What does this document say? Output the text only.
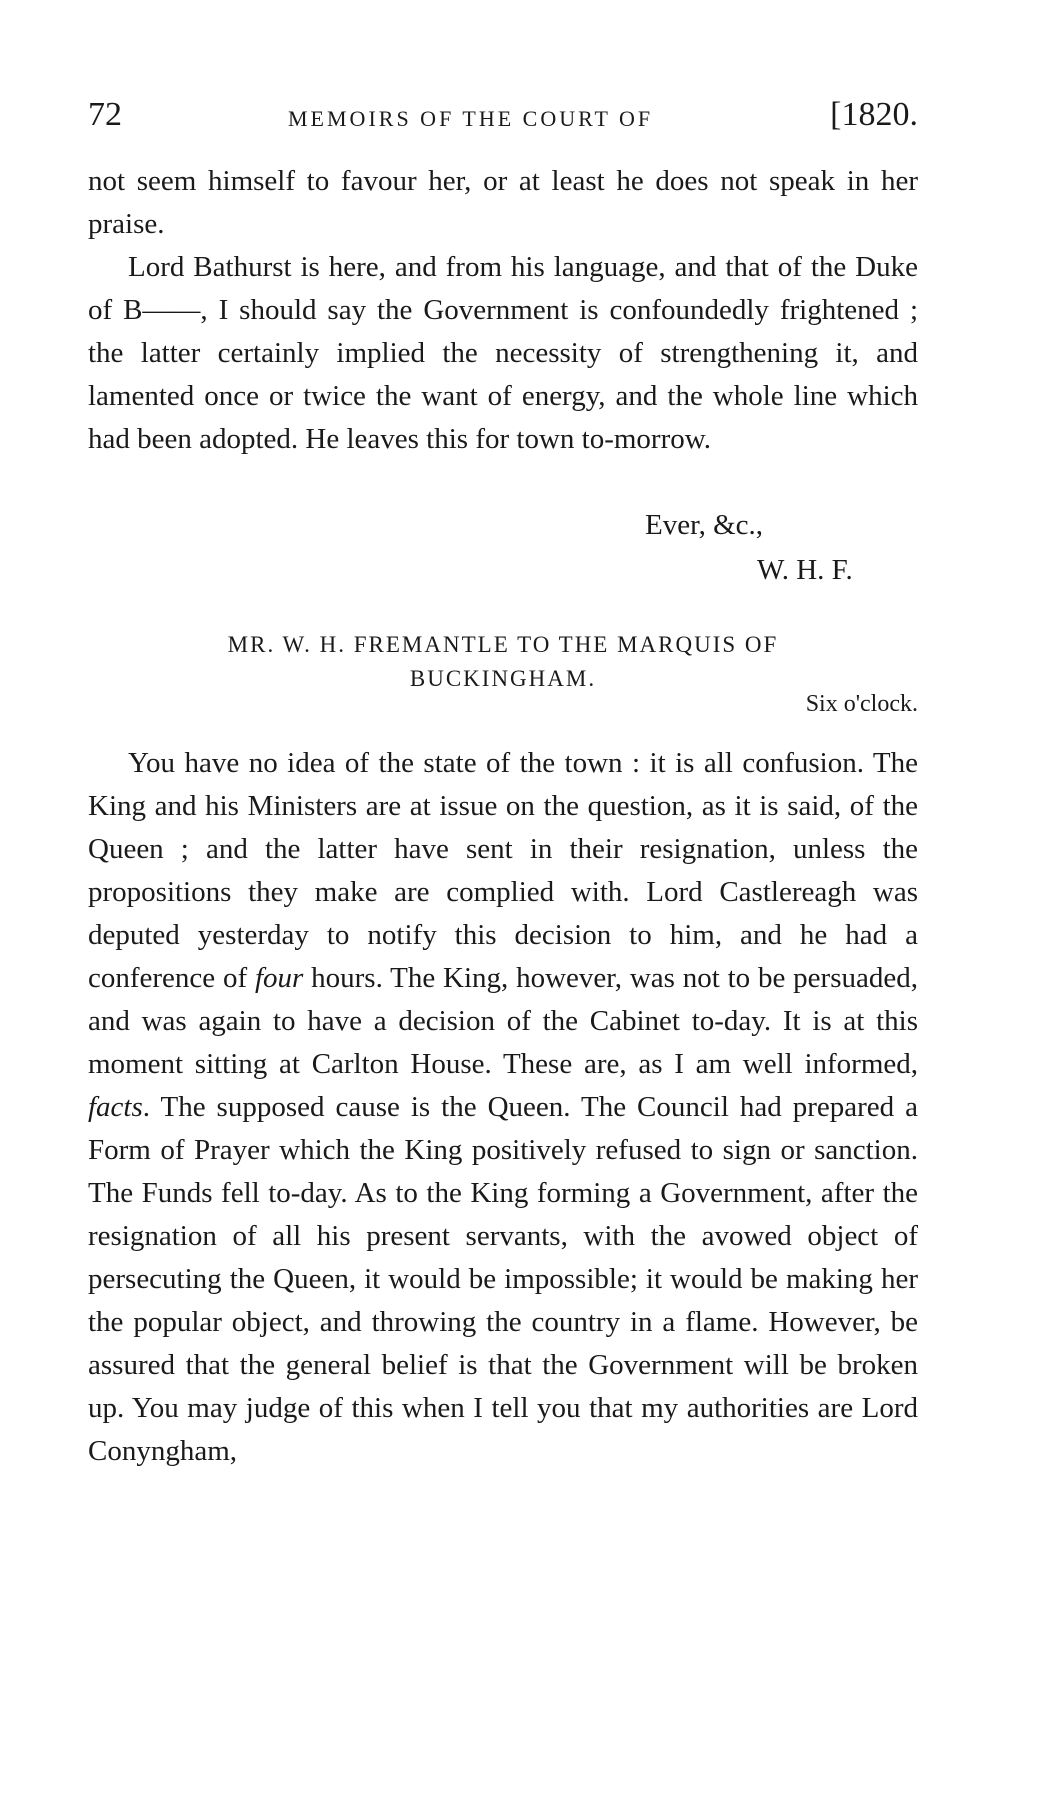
72	MEMOIRS OF THE COURT OF	[1820.

not seem himself to favour her, or at least he does not speak in her praise.

Lord Bathurst is here, and from his language, and that of the Duke of B——, I should say the Government is confoundedly frightened ; the latter certainly implied the necessity of strengthening it, and lamented once or twice the want of energy, and the whole line which had been adopted. He leaves this for town to-morrow.

Ever, &c.,
W. H. F.
MR. W. H. FREMANTLE TO THE MARQUIS OF
BUCKINGHAM.
Six o'clock.

You have no idea of the state of the town : it is all confusion. The King and his Ministers are at issue on the question, as it is said, of the Queen ; and the latter have sent in their resignation, unless the propositions they make are complied with. Lord Castlereagh was deputed yesterday to notify this decision to him, and he had a conference of four hours. The King, however, was not to be persuaded, and was again to have a decision of the Cabinet to-day. It is at this moment sitting at Carlton House. These are, as I am well informed, facts. The supposed cause is the Queen. The Council had prepared a Form of Prayer which the King positively refused to sign or sanction. The Funds fell to-day. As to the King forming a Government, after the resignation of all his present servants, with the avowed object of persecuting the Queen, it would be impossible; it would be making her the popular object, and throwing the country in a flame. However, be assured that the general belief is that the Government will be broken up. You may judge of this when I tell you that my authorities are Lord Conyngham,
